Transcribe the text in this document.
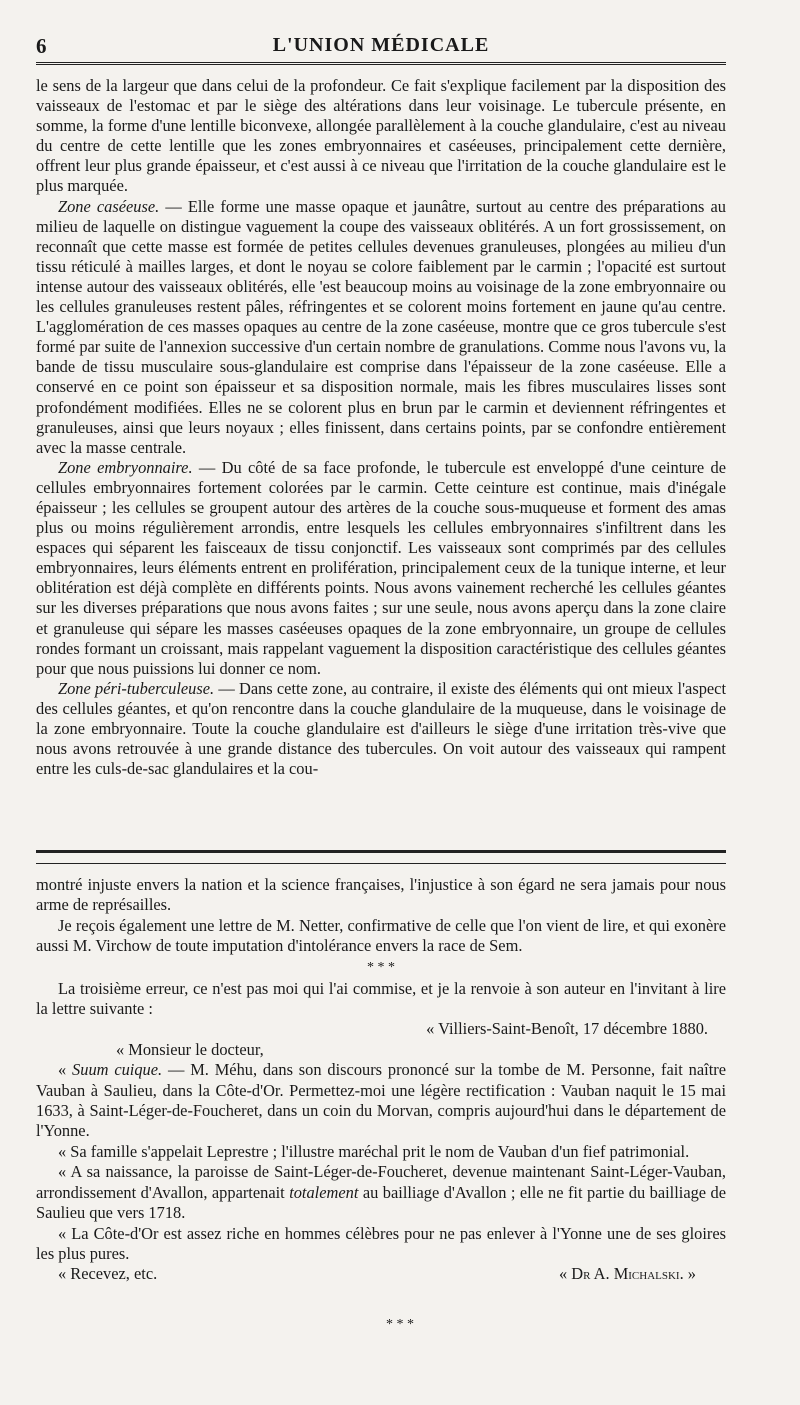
6	L'UNION MÉDICALE

le sens de la largeur que dans celui de la profondeur. Ce fait s'explique facilement par la disposition des vaisseaux de l'estomac et par le siège des altérations dans leur voisinage. Le tubercule présente, en somme, la forme d'une lentille biconvexe, allongée parallèlement à la couche glandulaire, c'est au niveau du centre de cette lentille que les zones embryonnaires et caséeuses, principalement cette dernière, offrent leur plus grande épaisseur, et c'est aussi à ce niveau que l'irritation de la couche glandulaire est le plus marquée.

Zone caséeuse. — Elle forme une masse opaque et jaunâtre, surtout au centre des préparations au milieu de laquelle on distingue vaguement la coupe des vaisseaux oblitérés. A un fort grossissement, on reconnaît que cette masse est formée de petites cellules devenues granuleuses, plongées au milieu d'un tissu réticulé à mailles larges, et dont le noyau se colore faiblement par le carmin ; l'opacité est surtout intense autour des vaisseaux oblitérés, elle 'est beaucoup moins au voisinage de la zone embryonnaire ou les cellules granuleuses restent pâles, réfringentes et se colorent moins fortement en jaune qu'au centre. L'agglomération de ces masses opaques au centre de la zone caséeuse, montre que ce gros tubercule s'est formé par suite de l'annexion successive d'un certain nombre de granulations. Comme nous l'avons vu, la bande de tissu musculaire sous-glandulaire est comprise dans l'épaisseur de la zone caséeuse. Elle a conservé en ce point son épaisseur et sa disposition normale, mais les fibres musculaires lisses sont profondément modifiées. Elles ne se colorent plus en brun par le carmin et deviennent réfringentes et granuleuses, ainsi que leurs noyaux ; elles finissent, dans certains points, par se confondre entièrement avec la masse centrale.

Zone embryonnaire. — Du côté de sa face profonde, le tubercule est enveloppé d'une ceinture de cellules embryonnaires fortement colorées par le carmin. Cette ceinture est continue, mais d'inégale épaisseur ; les cellules se groupent autour des artères de la couche sous-muqueuse et forment des amas plus ou moins régulièrement arrondis, entre lesquels les cellules embryonnaires s'infiltrent dans les espaces qui séparent les faisceaux de tissu conjonctif. Les vaisseaux sont comprimés par des cellules embryonnaires, leurs éléments entrent en prolifération, principalement ceux de la tunique interne, et leur oblitération est déjà complète en différents points. Nous avons vainement recherché les cellules géantes sur les diverses préparations que nous avons faites ; sur une seule, nous avons aperçu dans la zone claire et granuleuse qui sépare les masses caséeuses opaques de la zone embryonnaire, un groupe de cellules rondes formant un croissant, mais rappelant vaguement la disposition caractéristique des cellules géantes pour que nous puissions lui donner ce nom.

Zone péri-tuberculeuse. — Dans cette zone, au contraire, il existe des éléments qui ont mieux l'aspect des cellules géantes, et qu'on rencontre dans la couche glandulaire de la muqueuse, dans le voisinage de la zone embryonnaire. Toute la couche glandulaire est d'ailleurs le siège d'une irritation très-vive que nous avons retrouvée à une grande distance des tubercules. On voit autour des vaisseaux qui rampent entre les culs-de-sac glandulaires et la cou-

montré injuste envers la nation et la science françaises, l'injustice à son égard ne sera jamais pour nous arme de représailles.

Je reçois également une lettre de M. Netter, confirmative de celle que l'on vient de lire, et qui exonère aussi M. Virchow de toute imputation d'intolérance envers la race de Sem.

* * *

La troisième erreur, ce n'est pas moi qui l'ai commise, et je la renvoie à son auteur en l'invitant à lire la lettre suivante :

« Villiers-Saint-Benoît, 17 décembre 1880.
« Monsieur le docteur,

« Suum cuique. — M. Méhu, dans son discours prononcé sur la tombe de M. Personne, fait naître Vauban à Saulieu, dans la Côte-d'Or. Permettez-moi une légère rectification : Vauban naquit le 15 mai 1633, à Saint-Léger-de-Foucheret, dans un coin du Morvan, compris aujourd'hui dans le département de l'Yonne.

« Sa famille s'appelait Leprestre ; l'illustre maréchal prit le nom de Vauban d'un fief patrimonial.

« A sa naissance, la paroisse de Saint-Léger-de-Foucheret, devenue maintenant Saint-Léger-Vauban, arrondissement d'Avallon, appartenait totalement au bailliage d'Avallon ; elle ne fit partie du bailliage de Saulieu que vers 1718.

« La Côte-d'Or est assez riche en hommes célèbres pour ne pas enlever à l'Yonne une de ses gloires les plus pures.

« Recevez, etc.	« Dr A. Michalski. »
* * *
